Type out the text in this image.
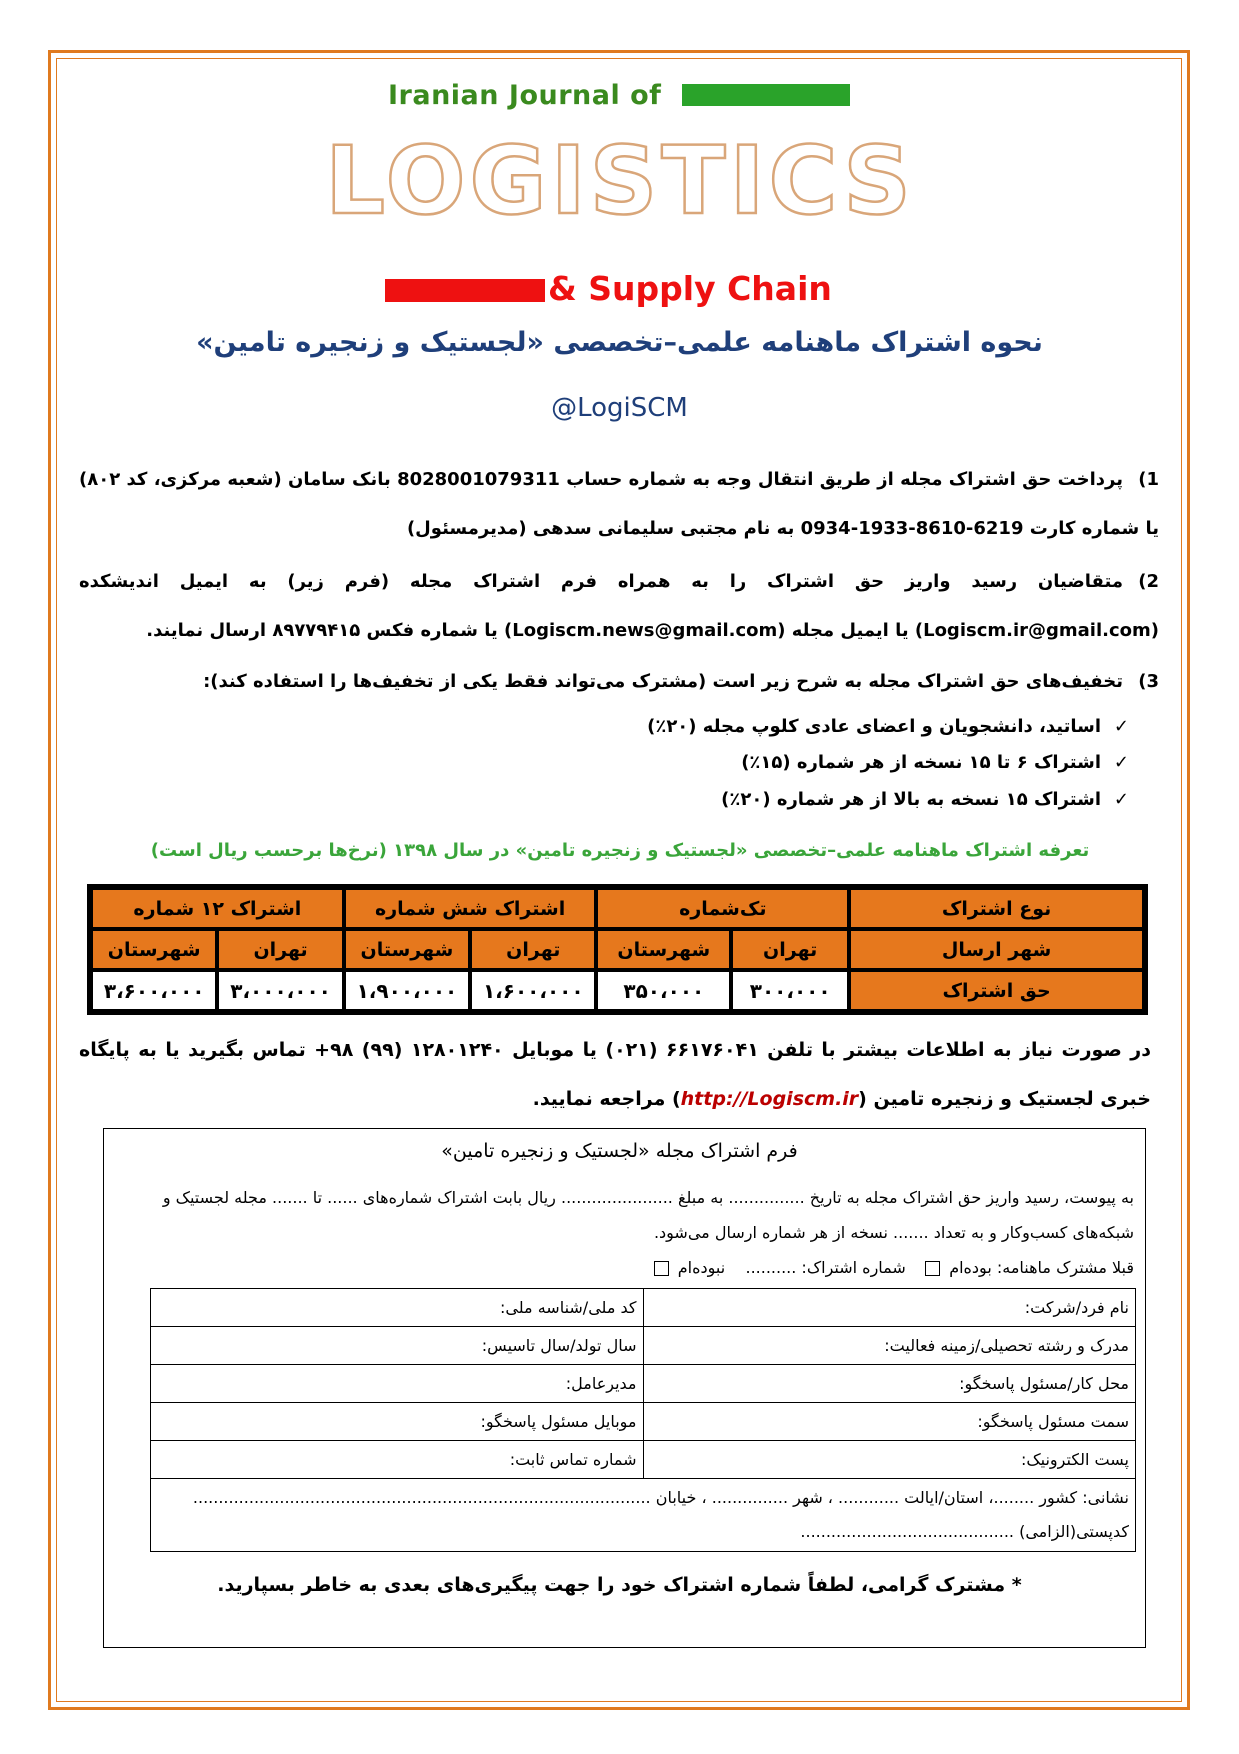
Iranian Journal of
LOGISTICS
& Supply Chain
نحوه اشتراک ماهنامه علمی–تخصصی «لجستیک و زنجیره تامین»
@LogiSCM
1)پرداخت حق اشتراک مجله از طریق انتقال وجه به شماره حساب 8028001079311 بانک سامان (شعبه مرکزی، کد ۸۰۲) یا شماره کارت 6219-8610-1933-0934 به نام مجتبی سلیمانی سدهی (مدیرمسئول)
2)متقاضیان رسید واریز حق اشتراک را به همراه فرم اشتراک مجله (فرم زیر) به ایمیل اندیشکده (Logiscm.ir@gmail.com) یا ایمیل مجله (Logiscm.news@gmail.com) یا شماره فکس ۸۹۷۷۹۴۱۵ ارسال نمایند.
3)تخفیف‌های حق اشتراک مجله به شرح زیر است (مشترک می‌تواند فقط یکی از تخفیف‌ها را استفاده کند):
✓اساتید، دانشجویان و اعضای عادی کلوپ مجله (۲۰٪)
✓اشتراک ۶ تا ۱۵ نسخه از هر شماره (۱۵٪)
✓اشتراک ۱۵ نسخه به بالا از هر شماره (۲۰٪)
تعرفه اشتراک ماهنامه علمی–تخصصی «لجستیک و زنجیره تامین» در سال ۱۳۹۸ (نرخ‌ها برحسب ریال است)
نوع اشتراک	تک‌شماره		اشتراک شش شماره		اشتراک ۱۲ شماره	
شهر ارسال	تهران	شهرستان	تهران	شهرستان	تهران	شهرستان
حق اشتراک	۳۰۰،۰۰۰	۳۵۰،۰۰۰	۱،۶۰۰،۰۰۰	۱،۹۰۰،۰۰۰	۳،۰۰۰،۰۰۰	۳،۶۰۰،۰۰۰
در صورت نیاز به اطلاعات بیشتر با تلفن ۶۶۱۷۶۰۴۱ (۰۲۱) یا موبایل ۱۲۸۰۱۲۴۰ (۹۹) ۹۸+ تماس بگیرید یا به پایگاه خبری لجستیک و زنجیره تامین (http://Logiscm.ir) مراجعه نمایید.
فرم اشتراک مجله «لجستیک و زنجیره تامین»
به پیوست، رسید واریز حق اشتراک مجله به تاریخ ............... به مبلغ ...................... ریال بابت اشتراک شماره‌های ...... تا ....... مجله لجستیک و شبکه‌های کسب‌وکار و به تعداد ....... نسخه از هر شماره ارسال می‌شود.
قبلا مشترک ماهنامه: بوده‌ام    شماره اشتراک: ..........    نبوده‌ام
نام فرد/شرکت:	کد ملی/شناسه ملی:
مدرک و رشته تحصیلی/زمینه فعالیت:	سال تولد/سال تاسیس:
محل کار/مسئول پاسخگو:	مدیرعامل:
سمت مسئول پاسخگو:	موبایل مسئول پاسخگو:
پست الکترونیک:	شماره تماس ثابت:

نشانی: کشور ........، استان/ایالت ............ ، شهر ............... ، خیابان ..........................................................................................
کدپستی(الزامی) ..........................................	
* مشترک گرامی، لطفاً شماره اشتراک خود را جهت پیگیری‌های بعدی به خاطر بسپارید.
